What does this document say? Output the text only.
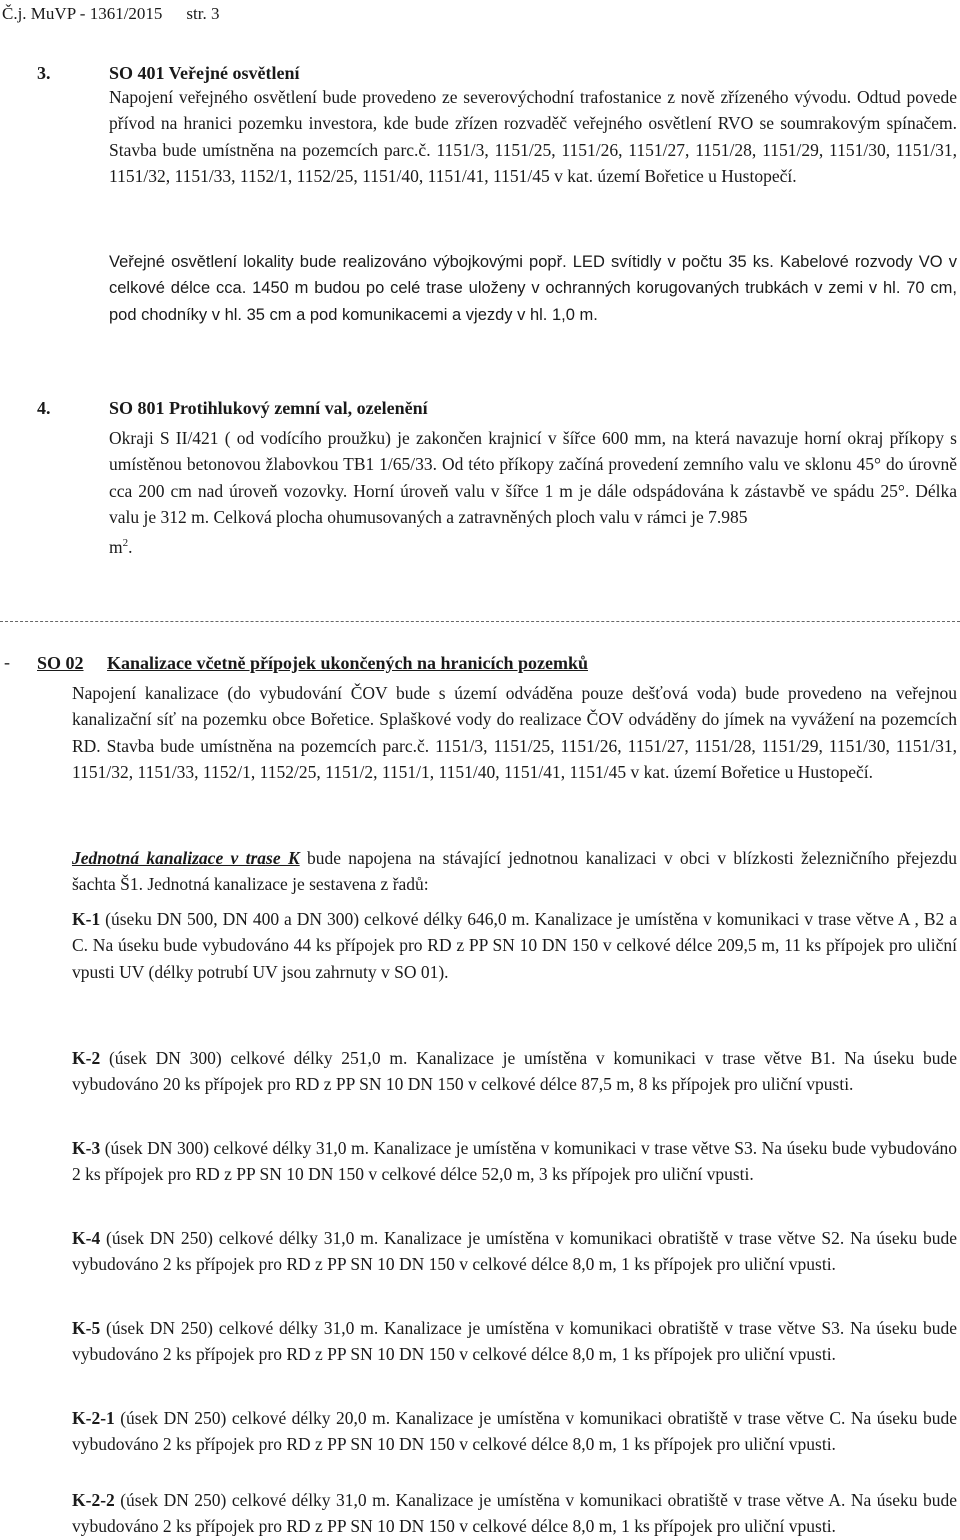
Č.j. MuVP - 1361/2015 str. 3
3.	SO 401 Veřejné osvětlení

Napojení veřejného osvětlení bude provedeno ze severovýchodní trafostanice z nově zřízeného vývodu. Odtud povede přívod na hranici pozemku investora, kde bude zřízen rozvaděč veřejného osvětlení RVO se soumrakovým spínačem. Stavba bude umístněna na pozemcích parc.č. 1151/3, 1151/25, 1151/26, 1151/27, 1151/28, 1151/29, 1151/30, 1151/31, 1151/32, 1151/33, 1152/1, 1152/25, 1151/40, 1151/41, 1151/45 v kat. území Bořetice u Hustopečí.

Veřejné osvětlení lokality bude realizováno výbojkovými popř. LED svítidly v počtu 35 ks. Kabelové rozvody VO v celkové délce cca. 1450 m budou po celé trase uloženy v ochranných korugovaných trubkách v zemi v hl. 70 cm, pod chodníky v hl. 35 cm a pod komunikacemi a vjezdy v hl. 1,0 m.

4.	SO 801 Protihlukový zemní val, ozelenění

Okraji S II/421 ( od vodícího proužku) je zakončen krajnicí v šířce 600 mm, na která navazuje horní okraj příkopy s umístěnou betonovou žlabovkou TB1 1/65/33. Od této příkopy začíná provedení zemního valu ve sklonu 45° do úrovně cca 200 cm nad úroveň vozovky. Horní úroveň valu v šířce 1 m je dále odspádována k zástavbě ve spádu 25°. Délka valu je 312 m. Celková plocha ohumusovaných a zatravněných ploch valu v rámci je 7.985
$m^2$.

- SO 02 Kanalizace včetně přípojek ukončených na hranicích pozemků

Napojení kanalizace (do vybudování ČOV bude s území odváděna pouze dešťová voda) bude provedeno na veřejnou kanalizační síť na pozemku obce Bořetice. Splaškové vody do realizace ČOV odváděny do jímek na vyvážení na pozemcích RD. Stavba bude umístněna na pozemcích parc.č. 1151/3, 1151/25, 1151/26, 1151/27, 1151/28, 1151/29, 1151/30, 1151/31, 1151/32, 1151/33, 1152/1, 1152/25, 1151/2, 1151/1, 1151/40, 1151/41, 1151/45 v kat. území Bořetice u Hustopečí.

Jednotná kanalizace v trase K bude napojena na stávající jednotnou kanalizaci v obci v blízkosti železničního přejezdu šachta Š1. Jednotná kanalizace je sestavena z řadů:

K-1 (úseku DN 500, DN 400 a DN 300) celkové délky 646,0 m. Kanalizace je umístěna v komunikaci v trase větve A , B2 a C. Na úseku bude vybudováno 44 ks přípojek pro RD z PP SN 10 DN 150 v celkové délce 209,5 m, 11 ks přípojek pro uliční vpusti UV (délky potrubí UV jsou zahrnuty v SO 01).

K-2 (úsek DN 300) celkové délky 251,0 m. Kanalizace je umístěna v komunikaci v trase větve B1. Na úseku bude vybudováno 20 ks přípojek pro RD z PP SN 10 DN 150 v celkové délce 87,5 m, 8 ks přípojek pro uliční vpusti.

K-3 (úsek DN 300) celkové délky 31,0 m. Kanalizace je umístěna v komunikaci v trase větve S3. Na úseku bude vybudováno 2 ks přípojek pro RD z PP SN 10 DN 150 v celkové délce 52,0 m, 3 ks přípojek pro uliční vpusti.

K-4 (úsek DN 250) celkové délky 31,0 m. Kanalizace je umístěna v komunikaci obratiště v trase větve S2. Na úseku bude vybudováno 2 ks přípojek pro RD z PP SN 10 DN 150 v celkové délce 8,0 m, 1 ks přípojek pro uliční vpusti.

K-5 (úsek DN 250) celkové délky 31,0 m. Kanalizace je umístěna v komunikaci obratiště v trase větve S3. Na úseku bude vybudováno 2 ks přípojek pro RD z PP SN 10 DN 150 v celkové délce 8,0 m, 1 ks přípojek pro uliční vpusti.

K-2-1 (úsek DN 250) celkové délky 20,0 m. Kanalizace je umístěna v komunikaci obratiště v trase větve C. Na úseku bude vybudováno 2 ks přípojek pro RD z PP SN 10 DN 150 v celkové délce 8,0 m, 1 ks přípojek pro uliční vpusti.

K-2-2 (úsek DN 250) celkové délky 31,0 m. Kanalizace je umístěna v komunikaci obratiště v trase větve A. Na úseku bude vybudováno 2 ks přípojek pro RD z PP SN 10 DN 150 v celkové délce 8,0 m, 1 ks přípojek pro uliční vpusti.
